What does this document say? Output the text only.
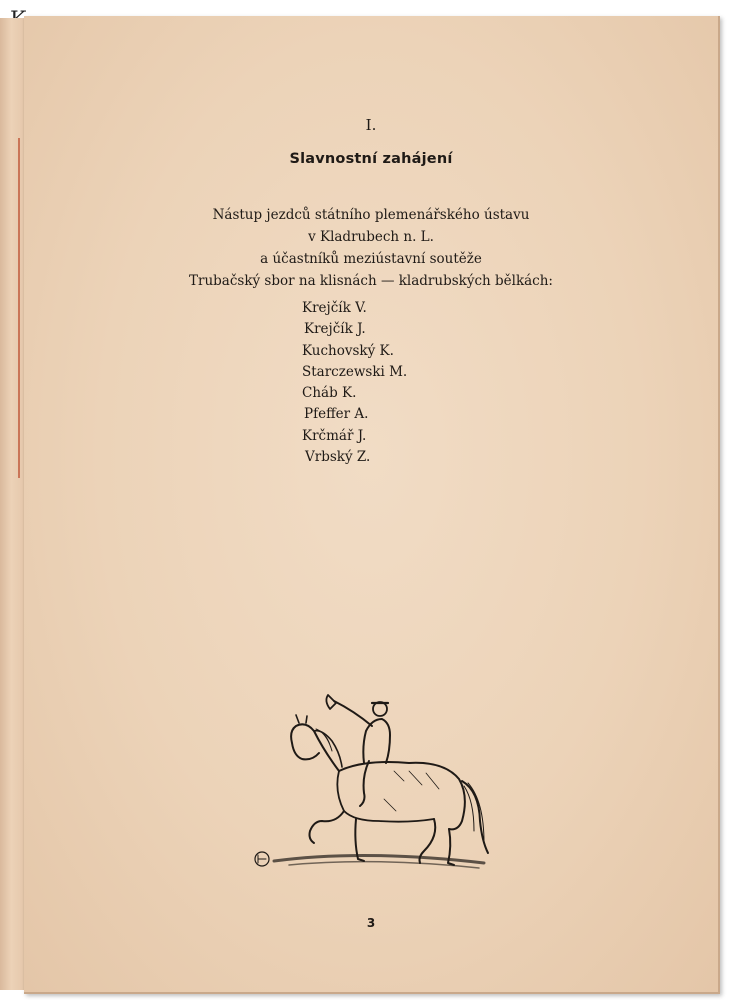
I.
Slavnostní zahájení
Nástup jezdců státního plemenářského ústavu
v Kladrubech n. L.
a účastníků meziústavní soutěže
Trubačský sbor na klisnách — kladrubských bělkách:
Krejčík V.
Krejčík J.
Kuchovský K.
Starczewski M.
Cháb K.
Pfeffer A.
Krčmář J.
Vrbský Z.
3
